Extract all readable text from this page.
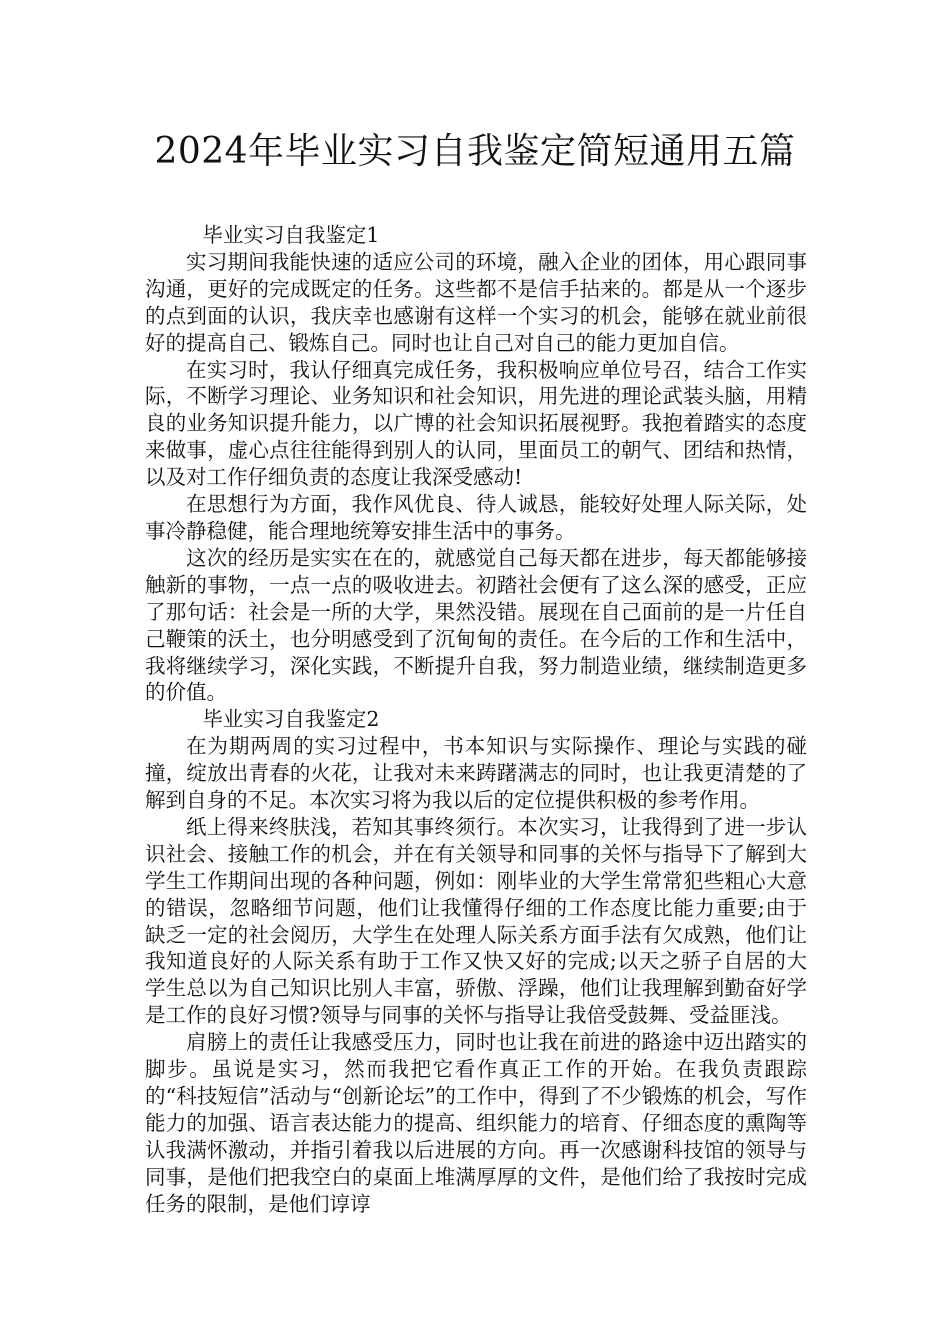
2024年毕业实习自我鉴定简短通用五篇

毕业实习自我鉴定1

实习期间我能快速的适应公司的环境，融入企业的团体，用心跟同事沟通，更好的完成既定的任务。这些都不是信手拈来的。都是从一个逐步的点到面的认识，我庆幸也感谢有这样一个实习的机会，能够在就业前很好的提高自己、锻炼自己。同时也让自己对自己的能力更加自信。

在实习时，我认仔细真完成任务，我积极响应单位号召，结合工作实际，不断学习理论、业务知识和社会知识，用先进的理论武装头脑，用精良的业务知识提升能力，以广博的社会知识拓展视野。我抱着踏实的态度来做事，虚心点往往能得到别人的认同，里面员工的朝气、团结和热情，以及对工作仔细负责的态度让我深受感动!

在思想行为方面，我作风优良、待人诚恳，能较好处理人际关际，处事冷静稳健，能合理地统筹安排生活中的事务。

这次的经历是实实在在的，就感觉自己每天都在进步，每天都能够接触新的事物，一点一点的吸收进去。初踏社会便有了这么深的感受，正应了那句话：社会是一所的大学，果然没错。展现在自己面前的是一片任自己鞭策的沃土，也分明感受到了沉甸甸的责任。在今后的工作和生活中，我将继续学习，深化实践，不断提升自我，努力制造业绩，继续制造更多的价值。

毕业实习自我鉴定2

在为期两周的实习过程中，书本知识与实际操作、理论与实践的碰撞，绽放出青春的火花，让我对未来踌躇满志的同时，也让我更清楚的了解到自身的不足。本次实习将为我以后的定位提供积极的参考作用。

纸上得来终肤浅，若知其事终须行。本次实习，让我得到了进一步认识社会、接触工作的机会，并在有关领导和同事的关怀与指导下了解到大学生工作期间出现的各种问题，例如：刚毕业的大学生常常犯些粗心大意的错误，忽略细节问题，他们让我懂得仔细的工作态度比能力重要;由于缺乏一定的社会阅历，大学生在处理人际关系方面手法有欠成熟，他们让我知道良好的人际关系有助于工作又快又好的完成;以天之骄子自居的大学生总以为自己知识比别人丰富，骄傲、浮躁，他们让我理解到勤奋好学是工作的良好习惯?领导与同事的关怀与指导让我倍受鼓舞、受益匪浅。

肩膀上的责任让我感受压力，同时也让我在前进的路途中迈出踏实的脚步。虽说是实习，然而我把它看作真正工作的开始。在我负责跟踪的“科技短信”活动与“创新论坛”的工作中，得到了不少锻炼的机会，写作能力的加强、语言表达能力的提高、组织能力的培育、仔细态度的熏陶等认我满怀激动，并指引着我以后进展的方向。再一次感谢科技馆的领导与同事，是他们把我空白的桌面上堆满厚厚的文件，是他们给了我按时完成任务的限制，是他们谆谆
